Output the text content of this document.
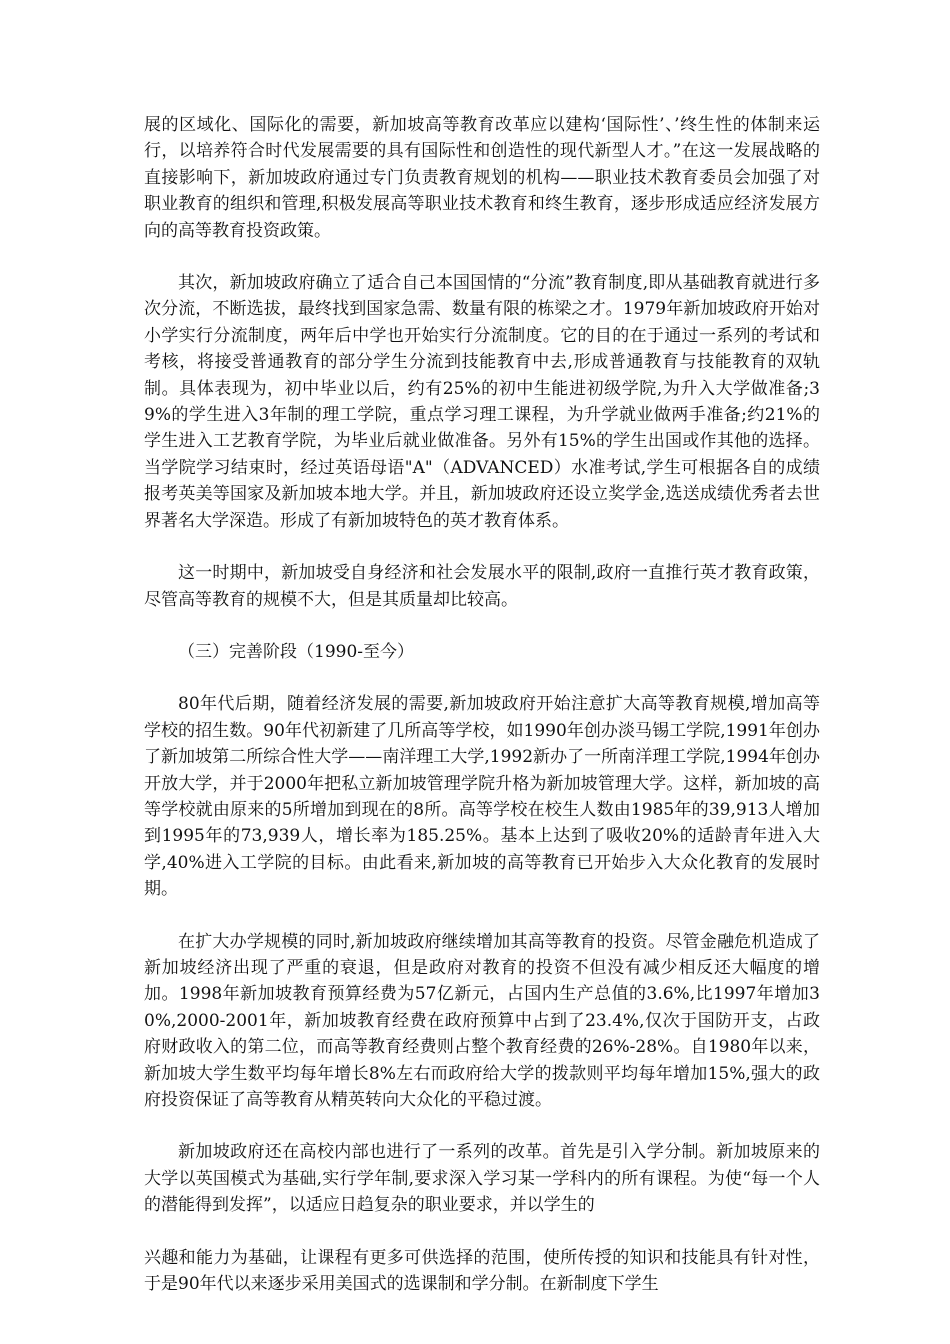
展的区域化、国际化的需要，新加坡高等教育改革应以建构‘国际性’、’终生性的体制来运行，以培养符合时代发展需要的具有国际性和创造性的现代新型人才。”在这一发展战略的直接影响下，新加坡政府通过专门负责教育规划的机构——职业技术教育委员会加强了对职业教育的组织和管理,积极发展高等职业技术教育和终生教育，逐步形成适应经济发展方向的高等教育投资政策。

其次，新加坡政府确立了适合自己本国国情的“分流”教育制度,即从基础教育就进行多次分流，不断选拔，最终找到国家急需、数量有限的栋梁之才。1979年新加坡政府开始对小学实行分流制度，两年后中学也开始实行分流制度。它的目的在于通过一系列的考试和考核，将接受普通教育的部分学生分流到技能教育中去,形成普通教育与技能教育的双轨制。具体表现为，初中毕业以后，约有25%的初中生能进初级学院,为升入大学做准备;39%的学生进入3年制的理工学院，重点学习理工课程，为升学就业做两手准备;约21%的学生进入工艺教育学院，为毕业后就业做准备。另外有15%的学生出国或作其他的选择。当学院学习结束时，经过英语母语"A"（ADVANCED）水准考试,学生可根据各自的成绩报考英美等国家及新加坡本地大学。并且，新加坡政府还设立奖学金,选送成绩优秀者去世界著名大学深造。形成了有新加坡特色的英才教育体系。

这一时期中，新加坡受自身经济和社会发展水平的限制,政府一直推行英才教育政策，尽管高等教育的规模不大，但是其质量却比较高。

（三）完善阶段（1990-至今）

80年代后期，随着经济发展的需要,新加坡政府开始注意扩大高等教育规模,增加高等学校的招生数。90年代初新建了几所高等学校，如1990年创办淡马锡工学院,1991年创办了新加坡第二所综合性大学——南洋理工大学,1992新办了一所南洋理工学院,1994年创办开放大学，并于2000年把私立新加坡管理学院升格为新加坡管理大学。这样，新加坡的高等学校就由原来的5所增加到现在的8所。高等学校在校生人数由1985年的39,913人增加到1995年的73,939人，增长率为185.25%。基本上达到了吸收20%的适龄青年进入大学,40%进入工学院的目标。由此看来,新加坡的高等教育已开始步入大众化教育的发展时期。

在扩大办学规模的同时,新加坡政府继续增加其高等教育的投资。尽管金融危机造成了新加坡经济出现了严重的衰退，但是政府对教育的投资不但没有减少相反还大幅度的增加。1998年新加坡教育预算经费为57亿新元，占国内生产总值的3.6%,比1997年增加30%,2000-2001年，新加坡教育经费在政府预算中占到了23.4%,仅次于国防开支，占政府财政收入的第二位，而高等教育经费则占整个教育经费的26%-28%。自1980年以来，新加坡大学生数平均每年增长8%左右而政府给大学的拨款则平均每年增加15%,强大的政府投资保证了高等教育从精英转向大众化的平稳过渡。

新加坡政府还在高校内部也进行了一系列的改革。首先是引入学分制。新加坡原来的大学以英国模式为基础,实行学年制,要求深入学习某一学科内的所有课程。为使“每一个人的潜能得到发挥”，以适应日趋复杂的职业要求，并以学生的

兴趣和能力为基础，让课程有更多可供选择的范围，使所传授的知识和技能具有针对性，于是90年代以来逐步采用美国式的选课制和学分制。在新制度下学生
